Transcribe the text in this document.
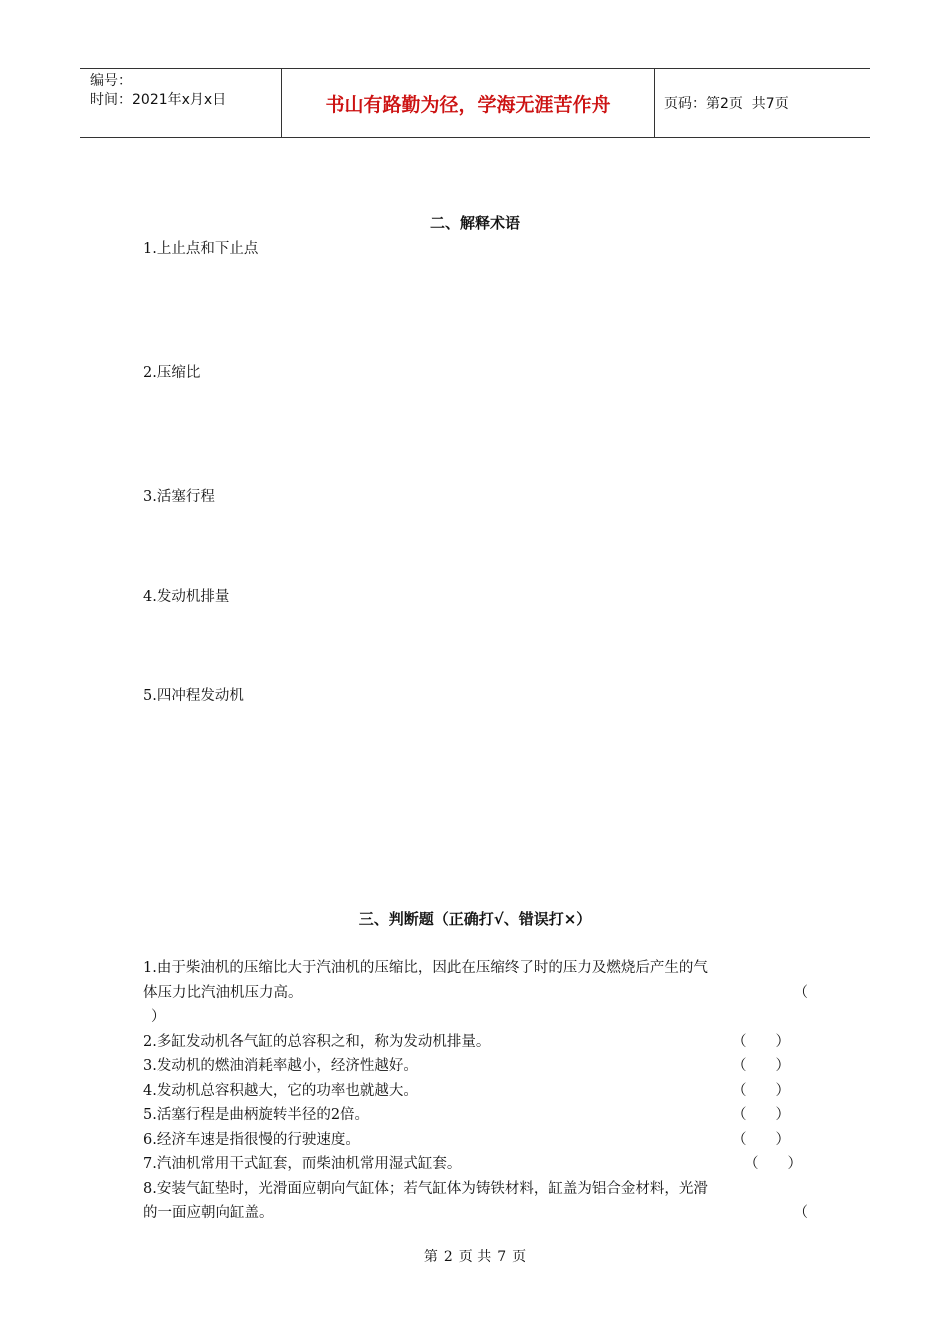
编号：
时间：2021年x月x日	书山有路勤为径，学海无涯苦作舟	页码：第2页  共7页
二、解释术语
1.上止点和下止点
2.压缩比
3.活塞行程
4.发动机排量
5.四冲程发动机
三、判断题（正确打√、错误打×）
1.由于柴油机的压缩比大于汽油机的压缩比，因此在压缩终了时的压力及燃烧后产生的气
体压力比汽油机压力高。	（
）
2.多缸发动机各气缸的总容积之和，称为发动机排量。	（　　）
3.发动机的燃油消耗率越小，经济性越好。	（　　）
4.发动机总容积越大，它的功率也就越大。	（　　）
5.活塞行程是曲柄旋转半径的2倍。	（　　）
6.经济车速是指很慢的行驶速度。	（　　）
7.汽油机常用干式缸套，而柴油机常用湿式缸套。	（　　）
8.安装气缸垫时，光滑面应朝向气缸体；若气缸体为铸铁材料，缸盖为铝合金材料，光滑
的一面应朝向缸盖。	（
第 2 页 共 7 页
